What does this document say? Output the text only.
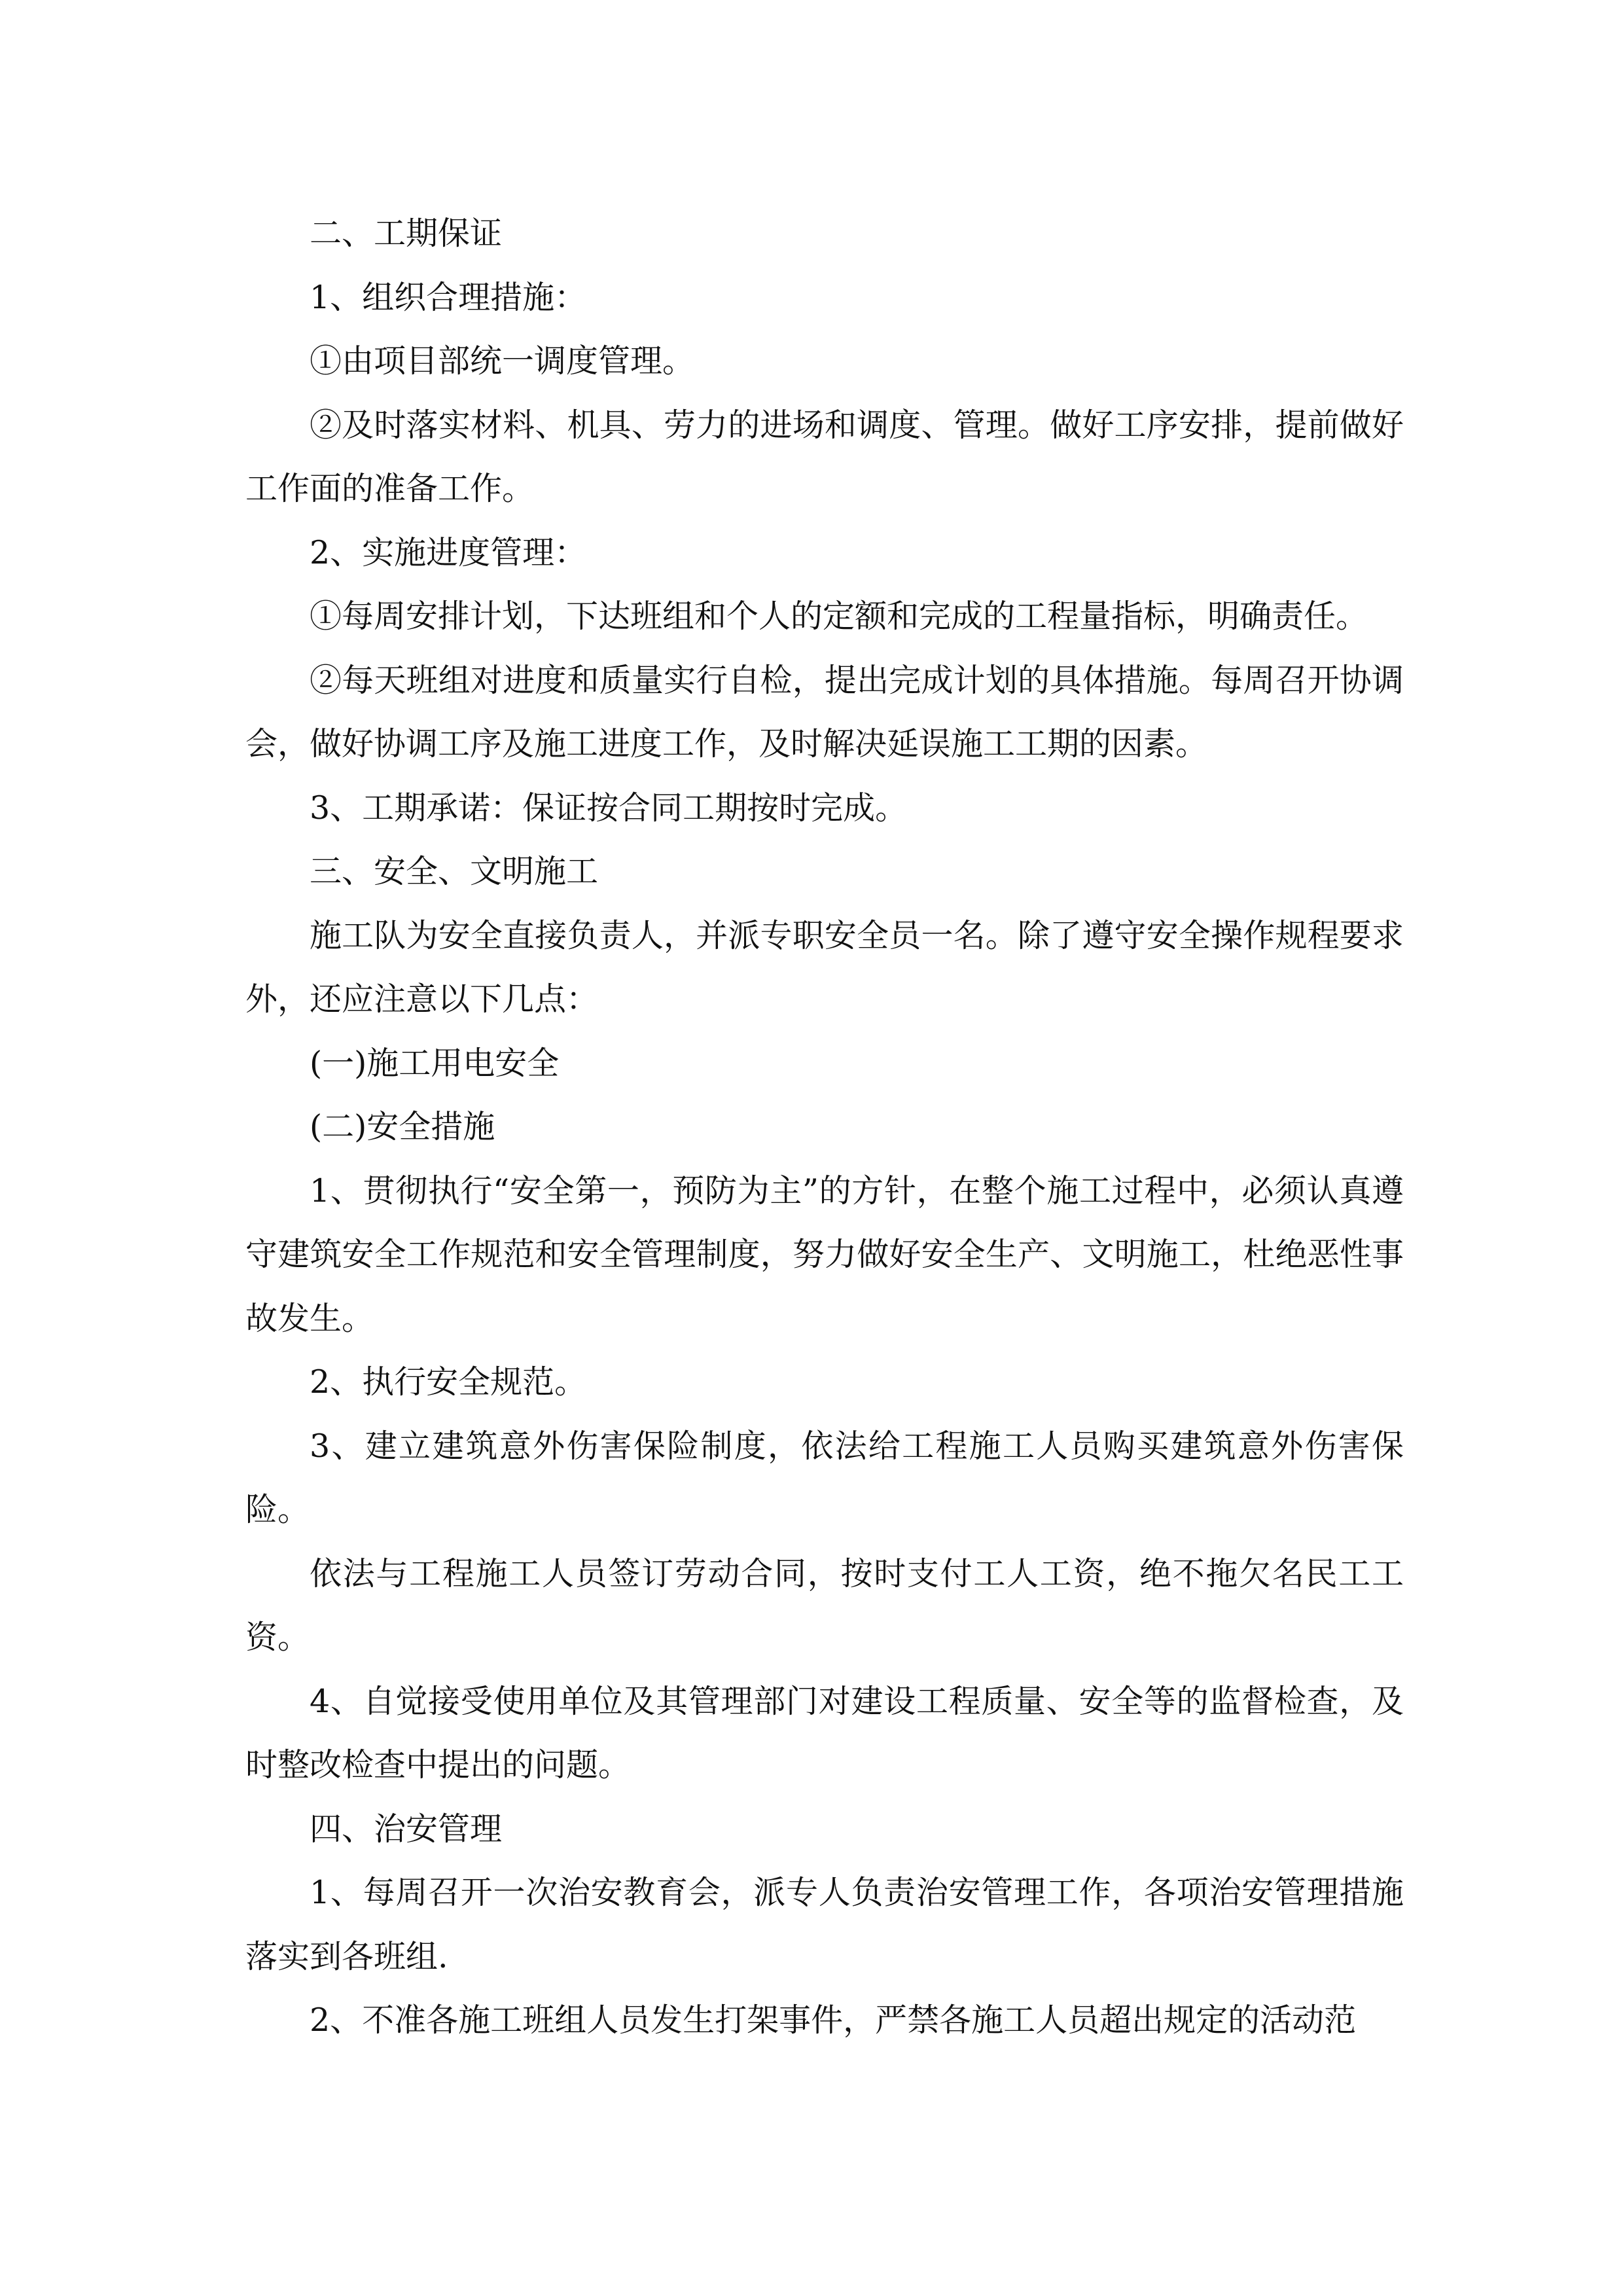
二、工期保证

1、组织合理措施：

①由项目部统一调度管理。

②及时落实材料、机具、劳力的进场和调度、管理。做好工序安排，提前做好工作面的准备工作。

2、实施进度管理：

①每周安排计划，下达班组和个人的定额和完成的工程量指标，明确责任。

②每天班组对进度和质量实行自检，提出完成计划的具体措施。每周召开协调会，做好协调工序及施工进度工作，及时解决延误施工工期的因素。

3、工期承诺：保证按合同工期按时完成。

三、安全、文明施工

施工队为安全直接负责人，并派专职安全员一名。除了遵守安全操作规程要求外，还应注意以下几点：

(一)施工用电安全

(二)安全措施

1、贯彻执行“安全第一，预防为主”的方针，在整个施工过程中，必须认真遵守建筑安全工作规范和安全管理制度，努力做好安全生产、文明施工，杜绝恶性事故发生。

2、执行安全规范。

3、建立建筑意外伤害保险制度，依法给工程施工人员购买建筑意外伤害保险。

依法与工程施工人员签订劳动合同，按时支付工人工资，绝不拖欠名民工工资。

4、自觉接受使用单位及其管理部门对建设工程质量、安全等的监督检查，及时整改检查中提出的问题。

四、治安管理

1、每周召开一次治安教育会，派专人负责治安管理工作，各项治安管理措施落实到各班组.

2、不准各施工班组人员发生打架事件，严禁各施工人员超出规定的活动范
